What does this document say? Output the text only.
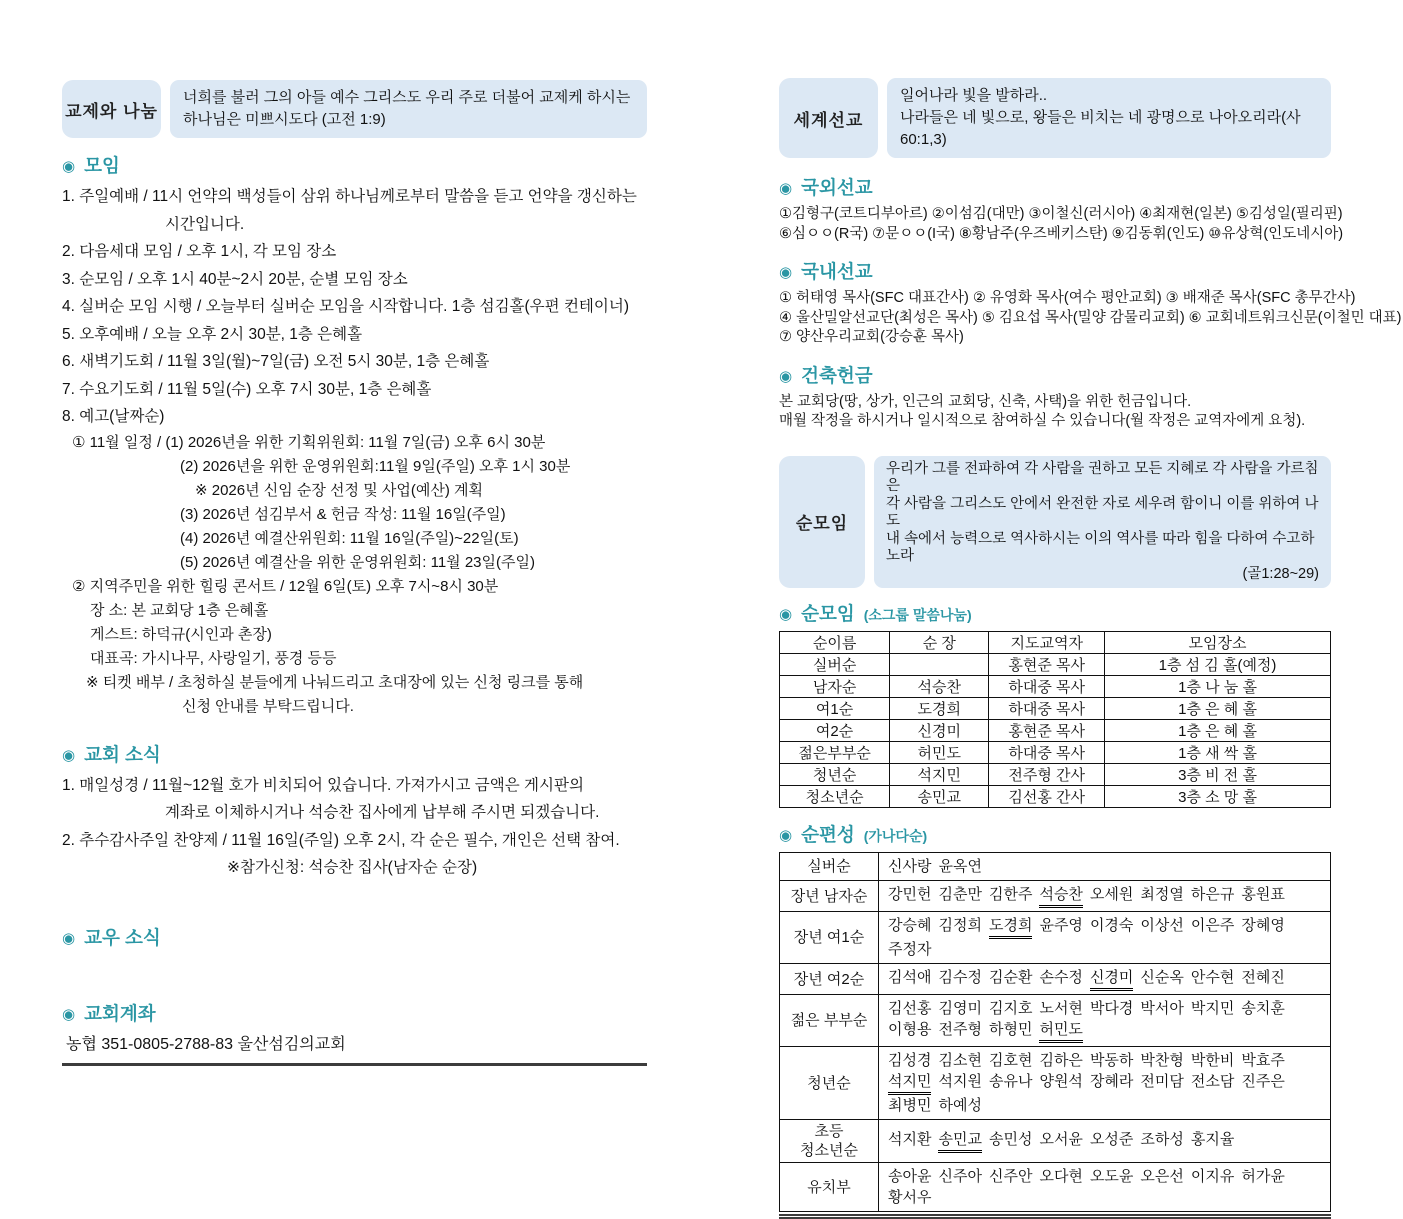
교제와 나눔
너희를 불러 그의 아들 예수 그리스도 우리 주로 더불어 교제케 하시는 하나님은 미쁘시도다 (고전 1:9)
◉ 모임
1. 주일예배 / 11시 언약의 백성들이 삼위 하나님께로부터 말씀을 듣고 언약을 갱신하는
시간입니다.
2. 다음세대 모임 / 오후 1시, 각 모임 장소
3. 순모임 / 오후 1시 40분~2시 20분, 순별 모임 장소
4. 실버순 모임 시행 / 오늘부터 실버순 모임을 시작합니다. 1층 섬김홀(우편 컨테이너)
5. 오후예배 / 오늘 오후 2시 30분, 1층 은혜홀
6. 새벽기도회 / 11월 3일(월)~7일(금) 오전 5시 30분, 1층 은혜홀
7. 수요기도회 / 11월 5일(수) 오후 7시 30분, 1층 은혜홀
8. 예고(날짜순)
① 11월 일정 / (1) 2026년을 위한 기획위원회: 11월 7일(금) 오후 6시 30분
(2) 2026년을 위한 운영위원회:11월 9일(주일) 오후 1시 30분
※ 2026년 신임 순장 선정 및 사업(예산) 계획
(3) 2026년 섬김부서 & 헌금 작성: 11월 16일(주일)
(4) 2026년 예결산위원회: 11월 16일(주일)~22일(토)
(5) 2026년 예결산을 위한 운영위원회: 11월 23일(주일)
② 지역주민을 위한 힐링 콘서트 / 12월 6일(토) 오후 7시~8시 30분
장 소: 본 교회당 1층 은혜홀
게스트: 하덕규(시인과 촌장)
대표곡: 가시나무, 사랑일기, 풍경 등등
※ 티켓 배부 / 초청하실 분들에게 나눠드리고 초대장에 있는 신청 링크를 통해
신청 안내를 부탁드립니다.
◉ 교회 소식
1. 매일성경 / 11월~12월 호가 비치되어 있습니다. 가져가시고 금액은 게시판의
계좌로 이체하시거나 석승찬 집사에게 납부해 주시면 되겠습니다.
2. 추수감사주일 찬양제 / 11월 16일(주일) 오후 2시, 각 순은 필수, 개인은 선택 참여.
※참가신청: 석승찬 집사(남자순 순장)
◉ 교우 소식
◉ 교회계좌
농협 351-0805-2788-83 울산섬김의교회
세계선교
일어나라 빛을 발하라..
나라들은 네 빛으로, 왕들은 비치는 네 광명으로 나아오리라(사60:1,3)
◉ 국외선교
①김형구(코트디부아르) ②이섬김(대만) ③이철신(러시아) ④최재현(일본) ⑤김성일(필리핀)
⑥심ㅇㅇ(R국) ⑦문ㅇㅇ(I국) ⑧황남주(우즈베키스탄) ⑨김동휘(인도) ⑩유상혁(인도네시아)
◉ 국내선교
① 허태영 목사(SFC 대표간사) ② 유영화 목사(여수 평안교회) ③ 배재준 목사(SFC 총무간사)
④ 울산밀알선교단(최성은 목사) ⑤ 김요섭 목사(밀양 감물리교회) ⑥ 교회네트워크신문(이철민 대표)
⑦ 양산우리교회(강승훈 목사)
◉ 건축헌금
본 교회당(땅, 상가, 인근의 교회당, 신축, 사택)을 위한 헌금입니다.
매월 작정을 하시거나 일시적으로 참여하실 수 있습니다(월 작정은 교역자에게 요청).
순모임
우리가 그를 전파하여 각 사람을 권하고 모든 지혜로 각 사람을 가르침은
각 사람을 그리스도 안에서 완전한 자로 세우려 함이니 이를 위하여 나도
내 속에서 능력으로 역사하시는 이의 역사를 따라 힘을 다하여 수고하노라
(골1:28~29)
◉ 순모임 (소그룹 말씀나눔)
순이름	순 장	지도교역자	모임장소
실버순		홍현준 목사	1층 섬 김 홀(예정)
남자순	석승찬	하대중 목사	1층 나 눔 홀
여1순	도경희	하대중 목사	1층 은 혜 홀
여2순	신경미	홍현준 목사	1층 은 혜 홀
젊은부부순	허민도	하대중 목사	1층 새 싹 홀
청년순	석지민	전주형 간사	3층 비 전 홀
청소년순	송민교	김선홍 간사	3층 소 망 홀
◉ 순편성 (가나다순)
실버순	신사랑 윤옥연
장년 남자순	강민헌 김춘만 김한주 석승찬 오세원 최정열 하은규 홍원표
장년 여1순	강승혜 김정희 도경희 윤주영 이경숙 이상선 이은주 장혜영주정자
장년 여2순	김석애 김수정 김순환 손수정 신경미 신순옥 안수현 전혜진
젊은 부부순	김선홍 김영미 김지호 노서현 박다경 박서아 박지민 송치훈이형용 전주형 하형민 허민도
청년순	김성경 김소현 김호현 김하은 박동하 박찬형 박한비 박효주석지민 석지원 송유나 양원석 장혜라 전미담 전소담 진주은최병민 하예성
초등
청소년순	석지환 송민교 송민성 오서윤 오성준 조하성 홍지율
유치부	송아윤 신주아 신주안 오다현 오도윤 오은선 이지유 허가윤황서우
